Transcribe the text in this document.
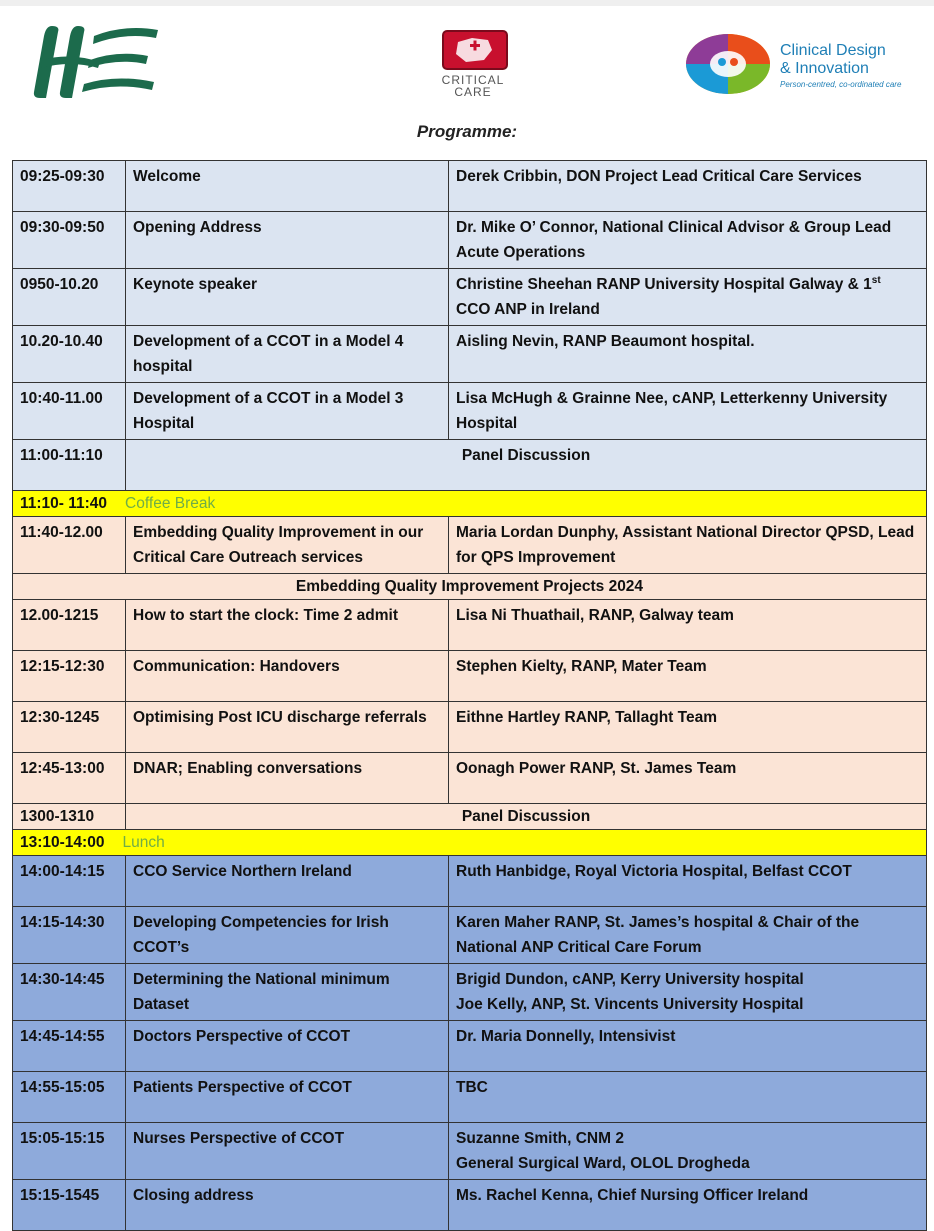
CRITICAL
CARE
Clinical Design
& Innovation
Person-centred, co-ordinated care
Programme:
09:25-09:30	Welcome	Derek Cribbin, DON Project Lead Critical Care Services
09:30-09:50	Opening Address	Dr. Mike O’ Connor, National Clinical Advisor & Group Lead Acute Operations
0950-10.20	Keynote speaker	Christine Sheehan RANP University Hospital Galway & 1st CCO ANP in Ireland
10.20-10.40	Development of a CCOT in a Model 4 hospital	Aisling Nevin, RANP Beaumont hospital.
10:40-11.00	Development of a CCOT in a Model 3 Hospital	Lisa McHugh & Grainne Nee, cANP, Letterkenny University Hospital
11:00-11:10	Panel Discussion	
11:10- 11:40 Coffee Break		
11:40-12.00	Embedding Quality Improvement in our Critical Care Outreach services	Maria Lordan Dunphy, Assistant National Director QPSD, Lead for QPS Improvement
Embedding Quality Improvement Projects 2024		
12.00-1215	How to start the clock: Time 2 admit	Lisa Ni Thuathail, RANP, Galway team
12:15-12:30	Communication: Handovers	Stephen Kielty, RANP, Mater Team
12:30-1245	Optimising Post ICU discharge referrals	Eithne Hartley RANP, Tallaght Team
12:45-13:00	DNAR; Enabling conversations	Oonagh Power RANP, St. James Team
1300-1310	Panel Discussion	
13:10-14:00 Lunch		
14:00-14:15	CCO Service Northern Ireland	Ruth Hanbidge, Royal Victoria Hospital, Belfast CCOT
14:15-14:30	Developing Competencies for Irish CCOT’s	Karen Maher RANP, St. James’s hospital & Chair of the National ANP Critical Care Forum
14:30-14:45	Determining the National minimum Dataset	Brigid Dundon, cANP, Kerry University hospital
Joe Kelly, ANP, St. Vincents University Hospital

14:45-14:55	Doctors Perspective of CCOT	Dr. Maria Donnelly, Intensivist
14:55-15:05	Patients Perspective of CCOT	TBC
15:05-15:15	Nurses Perspective of CCOT	Suzanne Smith, CNM 2
General Surgical Ward, OLOL Drogheda

15:15-1545	Closing address	Ms. Rachel Kenna, Chief Nursing Officer Ireland
